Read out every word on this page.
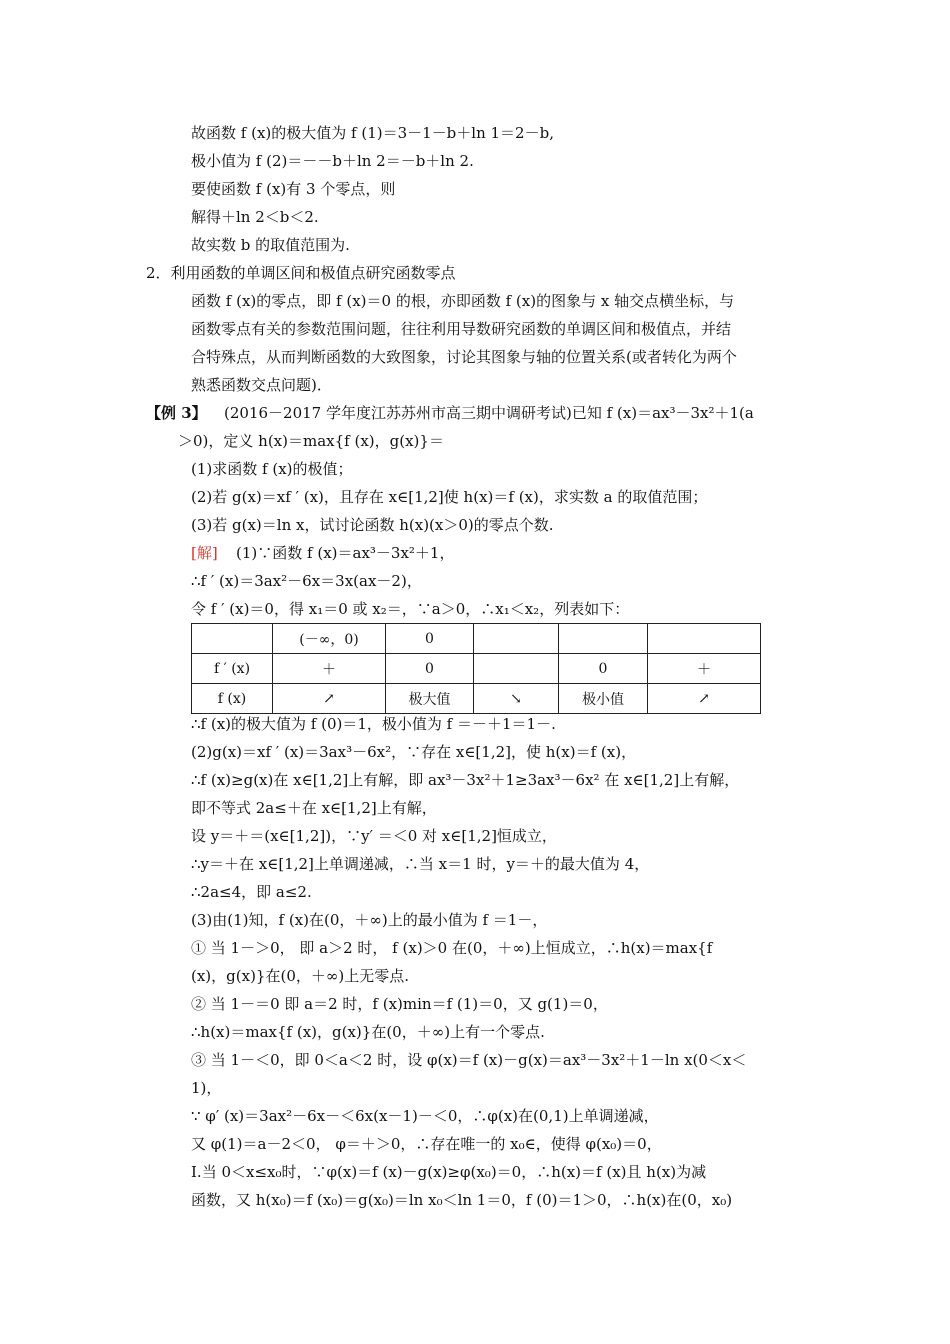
故函数 f (x)的极大值为 f (1)＝3－1－b＋ln 1＝2－b,
极小值为 f (2)＝－－b＋ln 2＝－b＋ln 2.
要使函数 f (x)有 3 个零点，则
解得＋ln 2＜b＜2.
故实数 b 的取值范围为.
2．利用函数的单调区间和极值点研究函数零点
函数 f (x)的零点，即 f (x)＝0 的根，亦即函数 f (x)的图象与 x 轴交点横坐标，与
函数零点有关的参数范围问题，往往利用导数研究函数的单调区间和极值点，并结
合特殊点，从而判断函数的大致图象，讨论其图象与轴的位置关系(或者转化为两个
熟悉函数交点问题)．
【例 3】 (2016－2017 学年度江苏苏州市高三期中调研考试)已知 f (x)＝ax³－3x²＋1(a
＞0)，定义 h(x)＝max{f (x)，g(x)}＝
(1)求函数 f (x)的极值；
(2)若 g(x)＝xf ′ (x)，且存在 x∈[1,2]使 h(x)＝f (x)，求实数 a 的取值范围；
(3)若 g(x)＝ln x，试讨论函数 h(x)(x＞0)的零点个数.
[解] (1)∵函数 f (x)＝ax³－3x²＋1，
∴f ′ (x)＝3ax²－6x＝3x(ax－2)，
令 f ′ (x)＝0，得 x₁＝0 或 x₂＝，∵a＞0，∴x₁＜x₂，列表如下：
	(－∞，0)	0			
f ′ (x)	＋	0		0	＋
f (x)	↗	极大值	↘	极小值	↗
∴f (x)的极大值为 f (0)＝1，极小值为 f ＝－＋1＝1－.
(2)g(x)＝xf ′ (x)＝3ax³－6x²，∵存在 x∈[1,2]，使 h(x)＝f (x)，
∴f (x)≥g(x)在 x∈[1,2]上有解，即 ax³－3x²＋1≥3ax³－6x² 在 x∈[1,2]上有解，
即不等式 2a≤＋在 x∈[1,2]上有解，
设 y＝＋＝(x∈[1,2])，∵y′ ＝＜0 对 x∈[1,2]恒成立，
∴y＝＋在 x∈[1,2]上单调递减，∴当 x＝1 时，y＝＋的最大值为 4，
∴2a≤4，即 a≤2.
(3)由(1)知，f (x)在(0，＋∞)上的最小值为 f ＝1－，
① 当 1－＞0， 即 a＞2 时， f (x)＞0 在(0，＋∞)上恒成立，∴h(x)＝max{f
(x)，g(x)}在(0，＋∞)上无零点.
② 当 1－＝0 即 a＝2 时，f (x)min＝f (1)＝0，又 g(1)＝0，
∴h(x)＝max{f (x)，g(x)}在(0，＋∞)上有一个零点.
③ 当 1－＜0，即 0＜a＜2 时，设 φ(x)＝f (x)－g(x)＝ax³－3x²＋1－ln x(0＜x＜
1)，
∵ φ′ (x)＝3ax²－6x－＜6x(x－1)－＜0，∴φ(x)在(0,1)上单调递减，
又 φ(1)＝a－2＜0， φ＝＋＞0，∴存在唯一的 x₀∈，使得 φ(x₀)＝0，
Ⅰ.当 0＜x≤x₀时，∵φ(x)＝f (x)－g(x)≥φ(x₀)＝0，∴h(x)＝f (x)且 h(x)为减
函数，又 h(x₀)＝f (x₀)＝g(x₀)＝ln x₀＜ln 1＝0，f (0)＝1＞0，∴h(x)在(0，x₀)
